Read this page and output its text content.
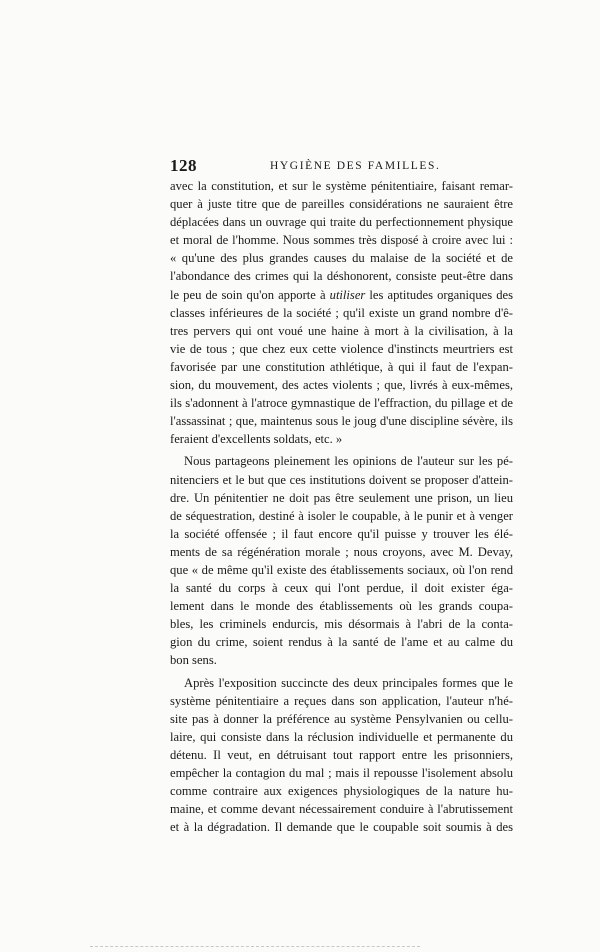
128	HYGIÈNE DES FAMILLES.
avec la constitution, et sur le système pénitentiaire, faisant remar-
quer à juste titre que de pareilles considérations ne sauraient être
déplacées dans un ouvrage qui traite du perfectionnement physique
et moral de l'homme. Nous sommes très disposé à croire avec lui :
« qu'une des plus grandes causes du malaise de la société et de
l'abondance des crimes qui la déshonorent, consiste peut-être dans
le peu de soin qu'on apporte à utiliser les aptitudes organiques des
classes inférieures de la société ; qu'il existe un grand nombre d'ê-
tres pervers qui ont voué une haine à mort à la civilisation, à la
vie de tous ; que chez eux cette violence d'instincts meurtriers est
favorisée par une constitution athlétique, à qui il faut de l'expan-
sion, du mouvement, des actes violents ; que, livrés à eux-mêmes,
ils s'adonnent à l'atroce gymnastique de l'effraction, du pillage et de
l'assassinat ; que, maintenus sous le joug d'une discipline sévère, ils
feraient d'excellents soldats, etc. »
Nous partageons pleinement les opinions de l'auteur sur les pé-
nitenciers et le but que ces institutions doivent se proposer d'attein-
dre. Un pénitentier ne doit pas être seulement une prison, un lieu
de séquestration, destiné à isoler le coupable, à le punir et à venger
la société offensée ; il faut encore qu'il puisse y trouver les élé-
ments de sa régénération morale ; nous croyons, avec M. Devay,
que « de même qu'il existe des établissements sociaux, où l'on rend
la santé du corps à ceux qui l'ont perdue, il doit exister éga-
lement dans le monde des établissements où les grands coupa-
bles, les criminels endurcis, mis désormais à l'abri de la conta-
gion du crime, soient rendus à la santé de l'ame et au calme du
bon sens.
Après l'exposition succincte des deux principales formes que le
système pénitentiaire a reçues dans son application, l'auteur n'hé-
site pas à donner la préférence au système Pensylvanien ou cellu-
laire, qui consiste dans la réclusion individuelle et permanente du
détenu. Il veut, en détruisant tout rapport entre les prisonniers,
empêcher la contagion du mal ; mais il repousse l'isolement absolu
comme contraire aux exigences physiologiques de la nature hu-
maine, et comme devant nécessairement conduire à l'abrutissement
et à la dégradation. Il demande que le coupable soit soumis à des
